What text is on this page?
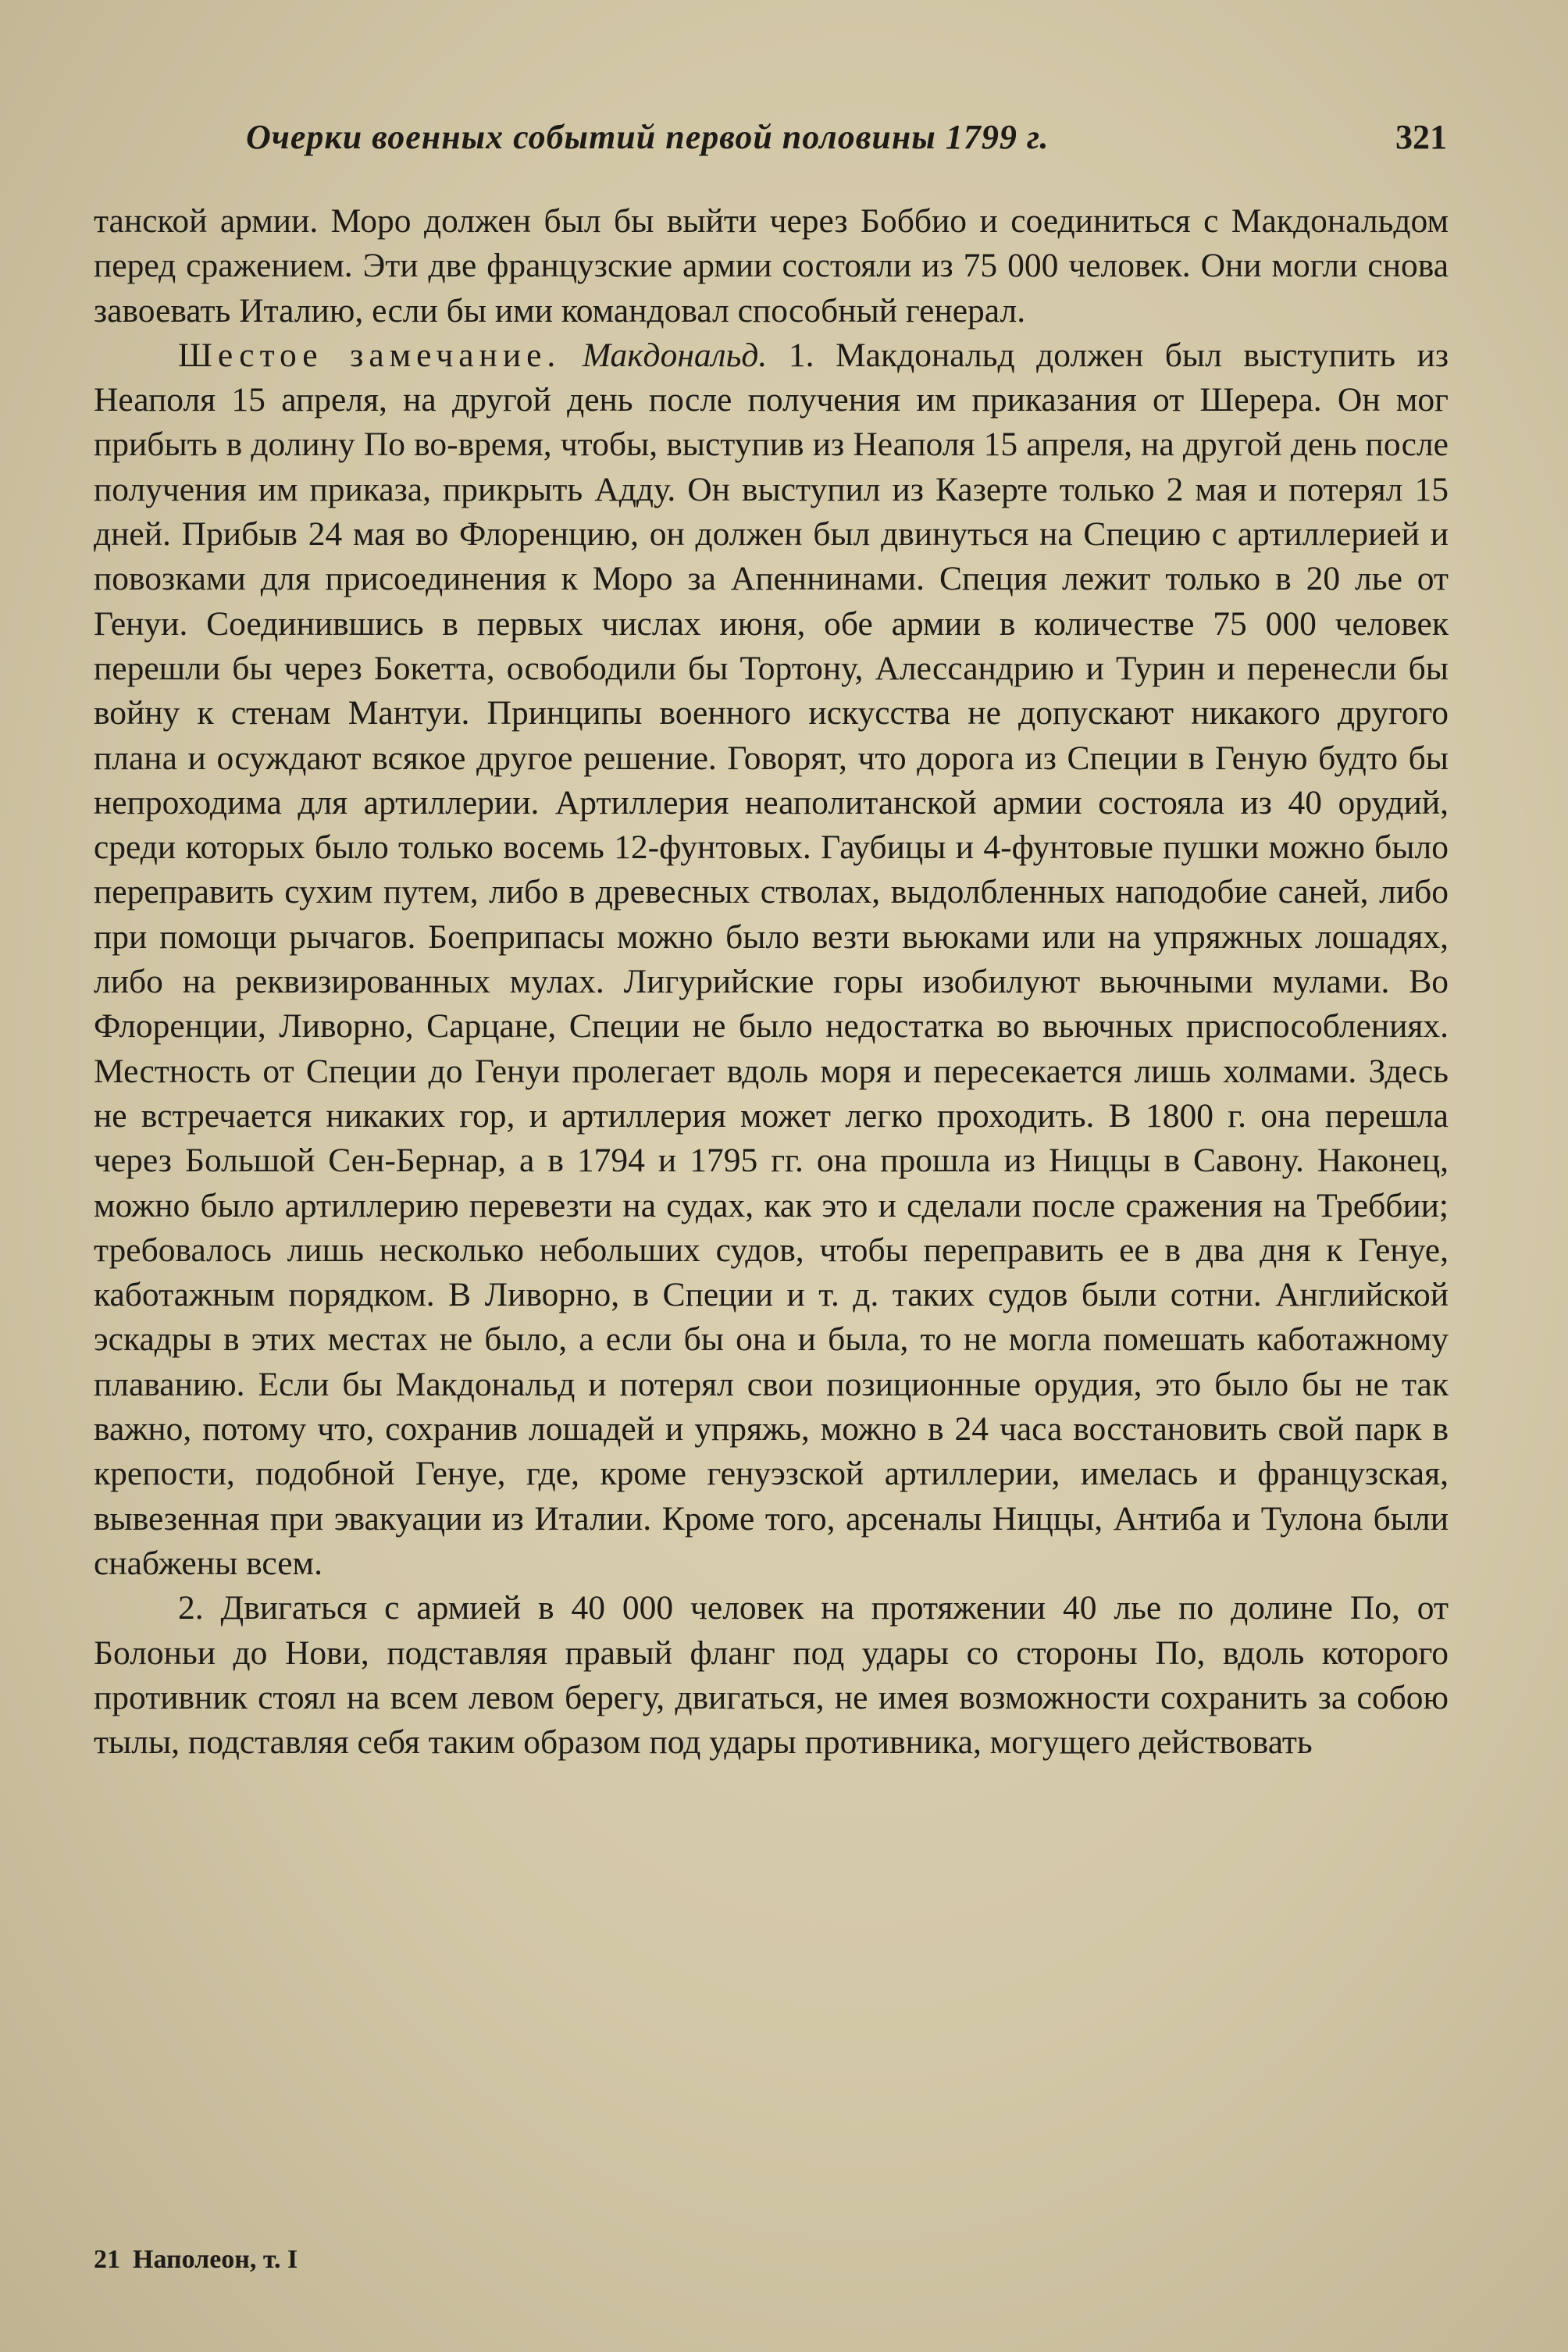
Очерки военных событий первой половины 1799 г.	321

танской армии. Моро должен был бы выйти через Боббио и соединиться с Макдональдом перед сражением. Эти две французские армии состояли из 75 000 человек. Они могли снова завоевать Италию, если бы ими командовал способный генерал.

Шестое замечание. Макдональд. 1. Макдональд должен был выступить из Неаполя 15 апреля, на другой день после получения им приказания от Шерера. Он мог прибыть в долину По во-время, чтобы, выступив из Неаполя 15 апреля, на другой день после получения им приказа, прикрыть Адду. Он выступил из Казерте только 2 мая и потерял 15 дней. Прибыв 24 мая во Флоренцию, он должен был двинуться на Специю с артиллерией и повозками для присоединения к Моро за Апеннинами. Специя лежит только в 20 лье от Генуи. Соединившись в первых числах июня, обе армии в количестве 75 000 человек перешли бы через Бокетта, освободили бы Тортону, Алессандрию и Турин и перенесли бы войну к стенам Мантуи. Принципы военного искусства не допускают никакого другого плана и осуждают всякое другое решение. Говорят, что дорога из Специи в Геную будто бы непроходима для артиллерии. Артиллерия неаполитанской армии состояла из 40 орудий, среди которых было только восемь 12-фунтовых. Гаубицы и 4-фунтовые пушки можно было переправить сухим путем, либо в древесных стволах, выдолбленных наподобие саней, либо при помощи рычагов. Боеприпасы можно было везти вьюками или на упряжных лошадях, либо на реквизированных мулах. Лигурийские горы изобилуют вьючными мулами. Во Флоренции, Ливорно, Сарцане, Специи не было недостатка во вьючных приспособлениях. Местность от Специи до Генуи пролегает вдоль моря и пересекается лишь холмами. Здесь не встречается никаких гор, и артиллерия может легко проходить. В 1800 г. она перешла через Большой Сен-Бернар, а в 1794 и 1795 гг. она прошла из Ниццы в Савону. Наконец, можно было артиллерию перевезти на судах, как это и сделали после сражения на Треббии; требовалось лишь несколько небольших судов, чтобы переправить ее в два дня к Генуе, каботажным порядком. В Ливорно, в Специи и т. д. таких судов были сотни. Английской эскадры в этих местах не было, а если бы она и была, то не могла помешать каботажному плаванию. Если бы Макдональд и потерял свои позиционные орудия, это было бы не так важно, потому что, сохранив лошадей и упряжь, можно в 24 часа восстановить свой парк в крепости, подобной Генуе, где, кроме генуэзской артиллерии, имелась и французская, вывезенная при эвакуации из Италии. Кроме того, арсеналы Ниццы, Антиба и Тулона были снабжены всем.

2. Двигаться с армией в 40 000 человек на протяжении 40 лье по долине По, от Болоньи до Нови, подставляя правый фланг под удары со стороны По, вдоль которого противник стоял на всем левом берегу, двигаться, не имея возможности сохранить за собою тылы, подставляя себя таким образом под удары противника, могущего действовать

21 Наполеон, т. I
